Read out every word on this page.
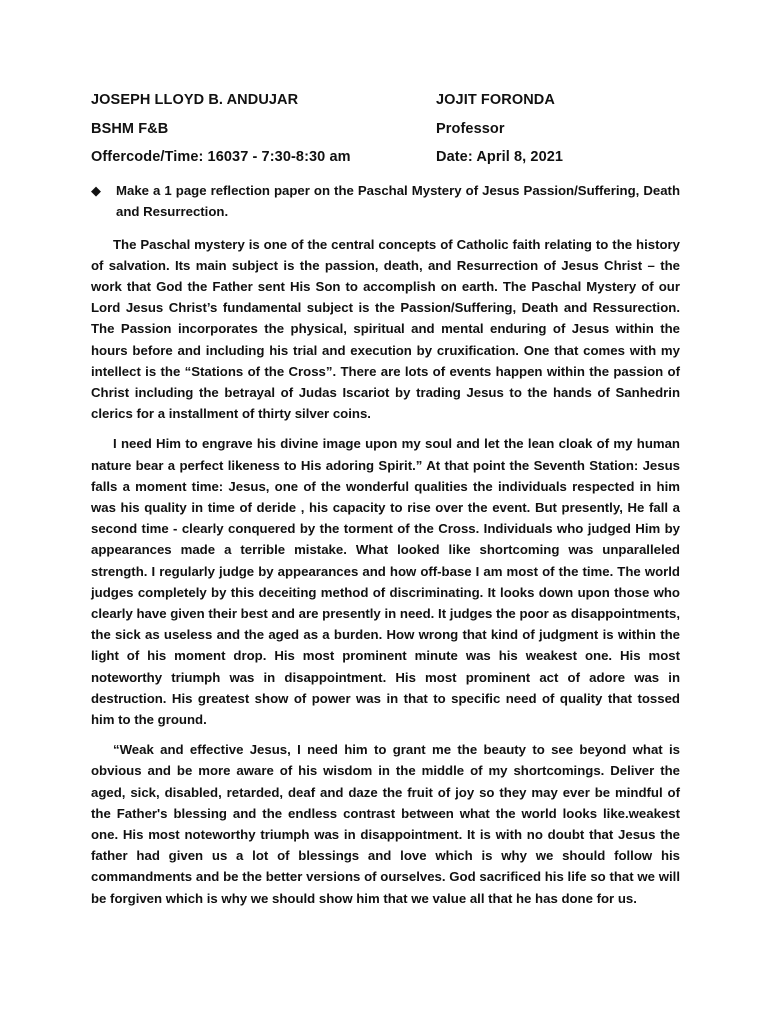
JOSEPH LLOYD B. ANDUJAR	JOJIT FORONDA
BSHM F&B	Professor
Offercode/Time: 16037 - 7:30-8:30 am	Date: April 8, 2021
◆	Make a 1 page reflection paper on the Paschal Mystery of Jesus Passion/Suffering, Death and Resurrection.

The Paschal mystery is one of the central concepts of Catholic faith relating to the history of salvation. Its main subject is the passion, death, and Resurrection of Jesus Christ – the work that God the Father sent His Son to accomplish on earth. The Paschal Mystery of our Lord Jesus Christ’s fundamental subject is the Passion/Suffering, Death and Ressurection. The Passion incorporates the physical, spiritual and mental enduring of Jesus within the hours before and including his trial and execution by cruxification. One that comes with my intellect is the “Stations of the Cross”. There are lots of events happen within the passion of Christ including the betrayal of Judas Iscariot by trading Jesus to the hands of Sanhedrin clerics for a installment of thirty silver coins.

I need Him to engrave his divine image upon my soul and let the lean cloak of my human nature bear a perfect likeness to His adoring Spirit.” At that point the Seventh Station: Jesus falls a moment time: Jesus, one of the wonderful qualities the individuals respected in him was his quality in time of deride , his capacity to rise over the event. But presently, He fall a second time - clearly conquered by the torment of the Cross. Individuals who judged Him by appearances made a terrible mistake. What looked like shortcoming was unparalleled strength. I regularly judge by appearances and how off-base I am most of the time. The world judges completely by this deceiting method of discriminating. It looks down upon those who clearly have given their best and are presently in need. It judges the poor as disappointments, the sick as useless and the aged as a burden. How wrong that kind of judgment is within the light of his moment drop. His most prominent minute was his weakest one. His most noteworthy triumph was in disappointment. His most prominent act of adore was in destruction. His greatest show of power was in that to specific need of quality that tossed him to the ground.

“Weak and effective Jesus, I need him to grant me the beauty to see beyond what is obvious and be more aware of his wisdom in the middle of my shortcomings. Deliver the aged, sick, disabled, retarded, deaf and daze the fruit of joy so they may ever be mindful of the Father's blessing and the endless contrast between what the world looks like.weakest one. His most noteworthy triumph was in disappointment. It is with no doubt that Jesus the father had given us a lot of blessings and love which is why we should follow his commandments and be the better versions of ourselves. God sacrificed his life so that we will be forgiven which is why we should show him that we value all that he has done for us.
